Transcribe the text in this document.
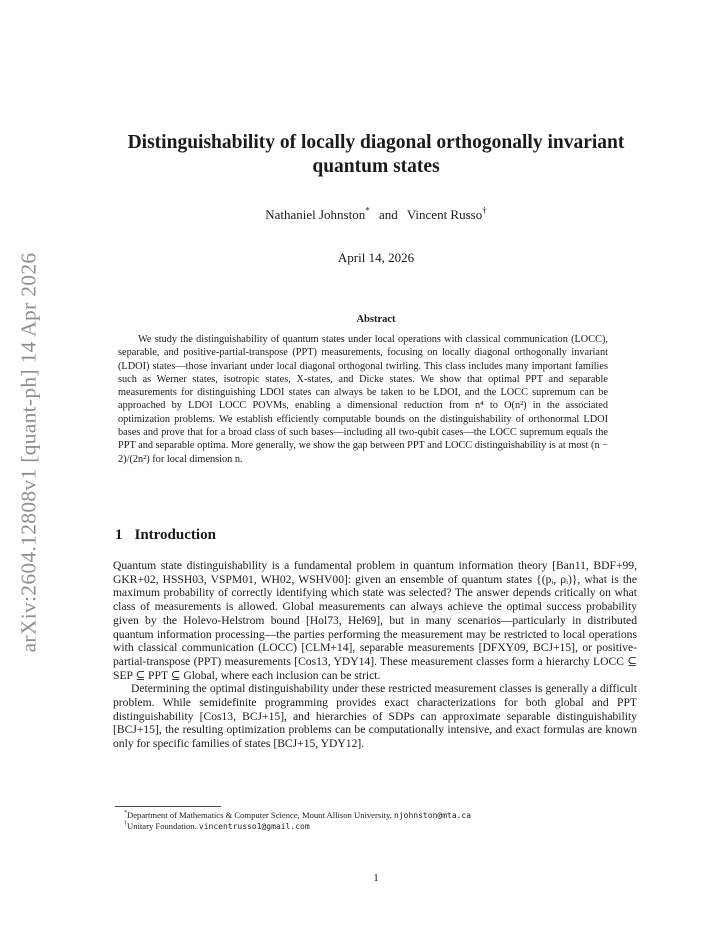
arXiv:2604.12808v1 [quant-ph] 14 Apr 2026
Distinguishability of locally diagonal orthogonally invariant quantum states
Nathaniel Johnston* and Vincent Russo†
April 14, 2026
Abstract

We study the distinguishability of quantum states under local operations with classical communication (LOCC), separable, and positive-partial-transpose (PPT) measurements, focusing on locally diagonal orthogonally invariant (LDOI) states—those invariant under local diagonal orthogonal twirling. This class includes many important families such as Werner states, isotropic states, X-states, and Dicke states. We show that optimal PPT and separable measurements for distinguishing LDOI states can always be taken to be LDOI, and the LOCC supremum can be approached by LDOI LOCC POVMs, enabling a dimensional reduction from n⁴ to O(n²) in the associated optimization problems. We establish efficiently computable bounds on the distinguishability of orthonormal LDOI bases and prove that for a broad class of such bases—including all two-qubit cases—the LOCC supremum equals the PPT and separable optima. More generally, we show the gap between PPT and LOCC distinguishability is at most (n − 2)/(2n²) for local dimension n.

1 Introduction

Quantum state distinguishability is a fundamental problem in quantum information theory [Ban11, BDF+99, GKR+02, HSSH03, VSPM01, WH02, WSHV00]: given an ensemble of quantum states {(pᵢ, ρᵢ)}, what is the maximum probability of correctly identifying which state was selected? The answer depends critically on what class of measurements is allowed. Global measurements can always achieve the optimal success probability given by the Holevo-Helstrom bound [Hol73, Hel69], but in many scenarios—particularly in distributed quantum information processing—the parties performing the measurement may be restricted to local operations with classical communication (LOCC) [CLM+14], separable measurements [DFXY09, BCJ+15], or positive-partial-transpose (PPT) measurements [Cos13, YDY14]. These measurement classes form a hierarchy LOCC ⊆ SEP ⊆ PPT ⊆ Global, where each inclusion can be strict.

Determining the optimal distinguishability under these restricted measurement classes is generally a difficult problem. While semidefinite programming provides exact characterizations for both global and PPT distinguishability [Cos13, BCJ+15], and hierarchies of SDPs can approximate separable distinguishability [BCJ+15], the resulting optimization problems can be computationally intensive, and exact formulas are known only for specific families of states [BCJ+15, YDY12].

*Department of Mathematics & Computer Science, Mount Allison University. njohnston@mta.ca
†Unitary Foundation. vincentrusso1@gmail.com
1
